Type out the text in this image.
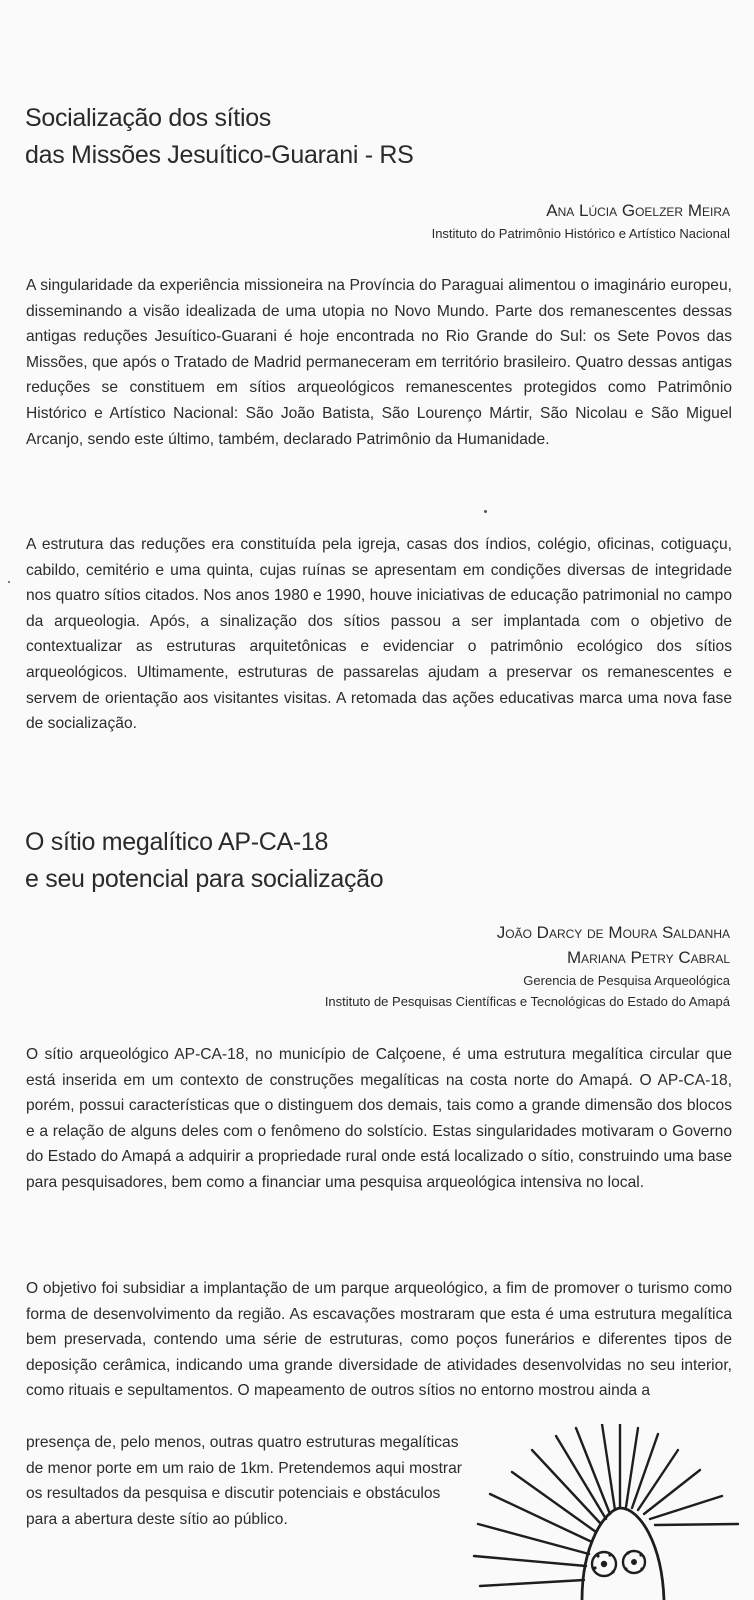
Socialização dos sítios
das Missões Jesuítico-Guarani - RS
Ana Lúcia Goelzer Meira
Instituto do Patrimônio Histórico e Artístico Nacional

A singularidade da experiência missioneira na Província do Paraguai alimentou o imaginário europeu, disseminando a visão idealizada de uma utopia no Novo Mundo. Parte dos remanescentes dessas antigas reduções Jesuítico-Guarani é hoje encontrada no Rio Grande do Sul: os Sete Povos das Missões, que após o Tratado de Madrid permaneceram em território brasileiro. Quatro dessas antigas reduções se constituem em sítios arqueológicos remanescentes protegidos como Patrimônio Histórico e Artístico Nacional: São João Batista, São Lourenço Mártir, São Nicolau e São Miguel Arcanjo, sendo este último, também, declarado Patrimônio da Humanidade.

A estrutura das reduções era constituída pela igreja, casas dos índios, colégio, oficinas, cotiguaçu, cabildo, cemitério e uma quinta, cujas ruínas se apresentam em condições diversas de integridade nos quatro sítios citados. Nos anos 1980 e 1990, houve iniciativas de educação patrimonial no campo da arqueologia. Após, a sinalização dos sítios passou a ser implantada com o objetivo de contextualizar as estruturas arquitetônicas e evidenciar o patrimônio ecológico dos sítios arqueológicos. Ultimamente, estruturas de passarelas ajudam a preservar os remanescentes e servem de orientação aos visitantes visitas. A retomada das ações educativas marca uma nova fase de socialização.

O sítio megalítico AP-CA-18
e seu potencial para socialização
João Darcy de Moura Saldanha
Mariana Petry Cabral
Gerencia de Pesquisa Arqueológica
Instituto de Pesquisas Científicas e Tecnológicas do Estado do Amapá

O sítio arqueológico AP-CA-18, no município de Calçoene, é uma estrutura megalítica circular que está inserida em um contexto de construções megalíticas na costa norte do Amapá. O AP-CA-18, porém, possui características que o distinguem dos demais, tais como a grande dimensão dos blocos e a relação de alguns deles com o fenômeno do solstício. Estas singularidades motivaram o Governo do Estado do Amapá a adquirir a propriedade rural onde está localizado o sítio, construindo uma base para pesquisadores, bem como a financiar uma pesquisa arqueológica intensiva no local.

O objetivo foi subsidiar a implantação de um parque arqueológico, a fim de promover o turismo como forma de desenvolvimento da região. As escavações mostraram que esta é uma estrutura megalítica bem preservada, contendo uma série de estruturas, como poços funerários e diferentes tipos de deposição cerâmica, indicando uma grande diversidade de atividades desenvolvidas no seu interior, como rituais e sepultamentos. O mapeamento de outros sítios no entorno mostrou ainda a

presença de, pelo menos, outras quatro estruturas megalíticas de menor porte em um raio de 1km. Pretendemos aqui mostrar os resultados da pesquisa e discutir potenciais e obstáculos para a abertura deste sítio ao público.
